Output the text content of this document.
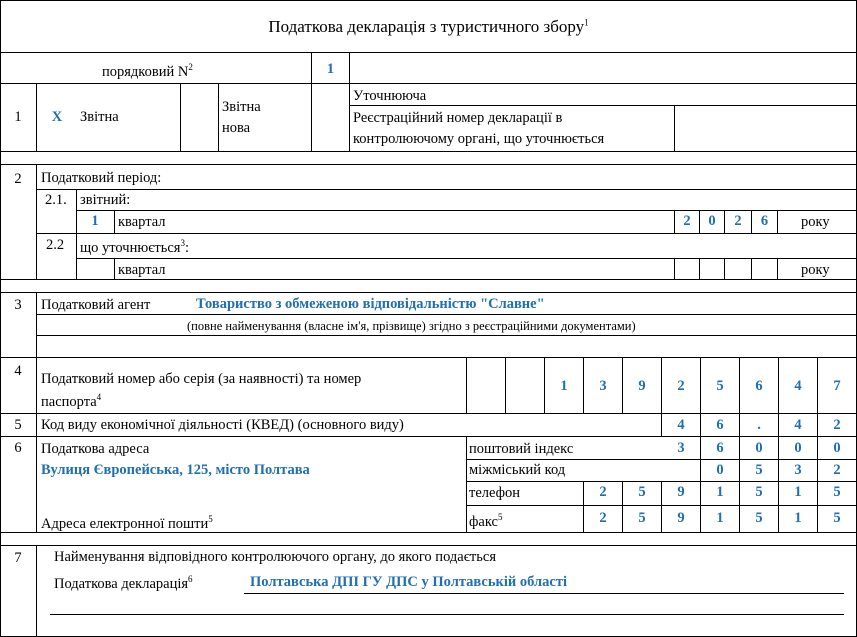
Податкова декларація з туристичного збору$^1$
порядковий $N^2$	1
1	X	Звітна
Звітна
нова
Уточнююча
Реєстраційний номер декларації в
контролюючому органі, що уточнюється
2	Податковий період:
2.1. звітний:
1	квартал	2	0	2	6	року
2.2 що уточнюється$^3$:
квартал	року
3	Податковий агент	Товариство з обмеженою відповідальністю "Славне"
(повне найменування (власне ім'я, прізвище) згідно з реєстраційними документами)
4	Податковий номер або серія (за наявності) та номер
паспорта$^4$
1	3	9	2	5	6	4	7
5	Код виду економічної діяльності (КВЕД) (основного виду)	4	6	.	4	2
6	Податкова адреса
Вулиця Європейська, 125, місто Полтава
поштовий індекс	3	6	0	0	0
міжміський код	0	5	3	2
телефон	2	5	9	1	5	1	5
Адреса електронної пошти$^5$	факс$^5$	2	5	9	1	5	1	5
7	Найменування відповідного контролюючого органу, до якого подається
Податкова декларація$^6$	Полтавська ДПІ ГУ ДПС у Полтавській області
